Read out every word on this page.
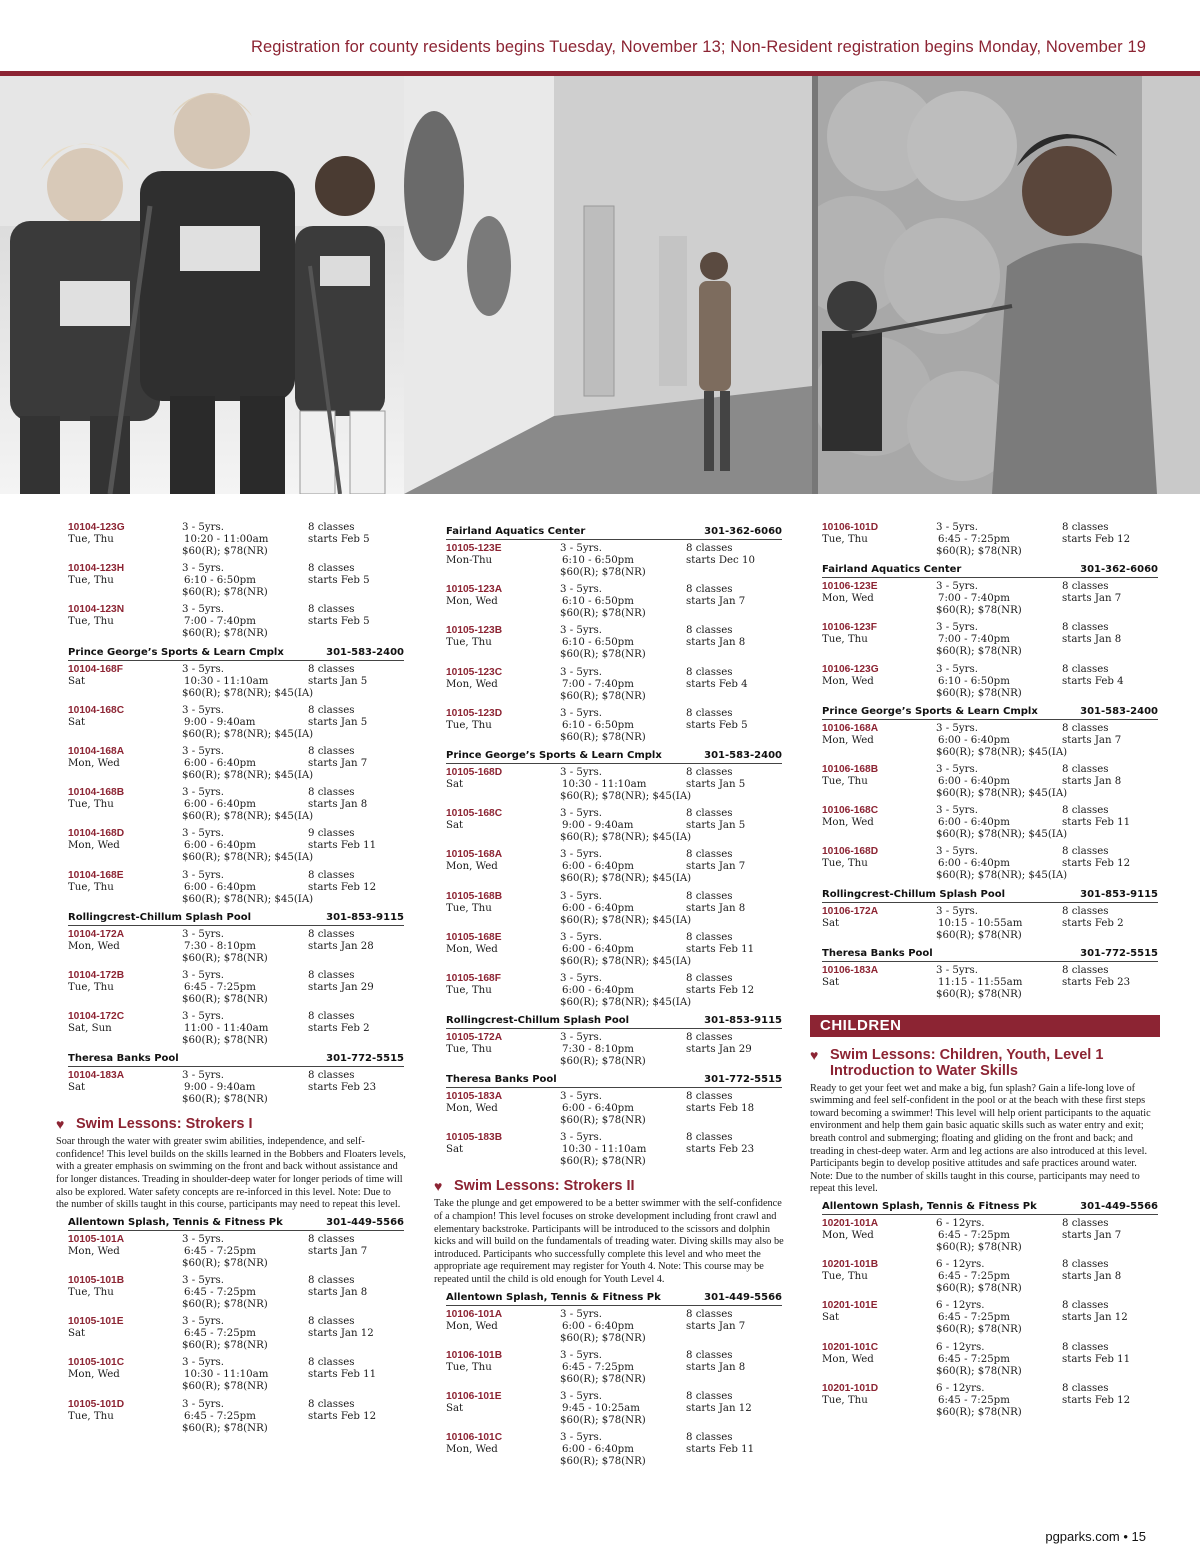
Registration for county residents begins Tuesday, November 13; Non-Resident registration begins Monday, November 19
10104-123G	3 - 5yrs.	8 classes
Tue, Thu	10:20 - 11:00am	starts Feb 5
$60(R); $78(NR)
10104-123H	3 - 5yrs.	8 classes
Tue, Thu	6:10 - 6:50pm	starts Feb 5
$60(R); $78(NR)
10104-123N	3 - 5yrs.	8 classes
Tue, Thu	7:00 - 7:40pm	starts Feb 5
$60(R); $78(NR)
Prince George’s Sports & Learn Cmplx	301-583-2400
10104-168F	3 - 5yrs.	8 classes
Sat	10:30 - 11:10am	starts Jan 5
$60(R); $78(NR); $45(IA)
10104-168C	3 - 5yrs.	8 classes
Sat	9:00 - 9:40am	starts Jan 5
$60(R); $78(NR); $45(IA)
10104-168A	3 - 5yrs.	8 classes
Mon, Wed	6:00 - 6:40pm	starts Jan 7
$60(R); $78(NR); $45(IA)
10104-168B	3 - 5yrs.	8 classes
Tue, Thu	6:00 - 6:40pm	starts Jan 8
$60(R); $78(NR); $45(IA)
10104-168D	3 - 5yrs.	9 classes
Mon, Wed	6:00 - 6:40pm	starts Feb 11
$60(R); $78(NR); $45(IA)
10104-168E	3 - 5yrs.	8 classes
Tue, Thu	6:00 - 6:40pm	starts Feb 12
$60(R); $78(NR); $45(IA)
Rollingcrest-Chillum Splash Pool	301-853-9115
10104-172A	3 - 5yrs.	8 classes
Mon, Wed	7:30 - 8:10pm	starts Jan 28
$60(R); $78(NR)
10104-172B	3 - 5yrs.	8 classes
Tue, Thu	6:45 - 7:25pm	starts Jan 29
$60(R); $78(NR)
10104-172C	3 - 5yrs.	8 classes
Sat, Sun	11:00 - 11:40am	starts Feb 2
$60(R); $78(NR)
Theresa Banks Pool	301-772-5515
10104-183A	3 - 5yrs.	8 classes
Sat	9:00 - 9:40am	starts Feb 23
$60(R); $78(NR)
♥ Swim Lessons: Strokers I
Soar through the water with greater swim abilities, independence, and self-confidence! This level builds on the skills learned in the Bobbers and Floaters levels, with a greater emphasis on swimming on the front and back without assistance and for longer distances. Treading in shoulder-deep water for longer periods of time will also be explored. Water safety concepts are re-inforced in this level. Note: Due to the number of skills taught in this course, participants may need to repeat this level.
Allentown Splash, Tennis & Fitness Pk	301-449-5566
10105-101A	3 - 5yrs.	8 classes
Mon, Wed	6:45 - 7:25pm	starts Jan 7
$60(R); $78(NR)
10105-101B	3 - 5yrs.	8 classes
Tue, Thu	6:45 - 7:25pm	starts Jan 8
$60(R); $78(NR)
10105-101E	3 - 5yrs.	8 classes
Sat	6:45 - 7:25pm	starts Jan 12
$60(R); $78(NR)
10105-101C	3 - 5yrs.	8 classes
Mon, Wed	10:30 - 11:10am	starts Feb 11
$60(R); $78(NR)
10105-101D	3 - 5yrs.	8 classes
Tue, Thu	6:45 - 7:25pm	starts Feb 12
$60(R); $78(NR)
Fairland Aquatics Center	301-362-6060
10105-123E	3 - 5yrs.	8 classes
Mon-Thu	6:10 - 6:50pm	starts Dec 10
$60(R); $78(NR)
10105-123A	3 - 5yrs.	8 classes
Mon, Wed	6:10 - 6:50pm	starts Jan 7
$60(R); $78(NR)
10105-123B	3 - 5yrs.	8 classes
Tue, Thu	6:10 - 6:50pm	starts Jan 8
$60(R); $78(NR)
10105-123C	3 - 5yrs.	8 classes
Mon, Wed	7:00 - 7:40pm	starts Feb 4
$60(R); $78(NR)
10105-123D	3 - 5yrs.	8 classes
Tue, Thu	6:10 - 6:50pm	starts Feb 5
$60(R); $78(NR)
Prince George’s Sports & Learn Cmplx	301-583-2400
10105-168D	3 - 5yrs.	8 classes
Sat	10:30 - 11:10am	starts Jan 5
$60(R); $78(NR); $45(IA)
10105-168C	3 - 5yrs.	8 classes
Sat	9:00 - 9:40am	starts Jan 5
$60(R); $78(NR); $45(IA)
10105-168A	3 - 5yrs.	8 classes
Mon, Wed	6:00 - 6:40pm	starts Jan 7
$60(R); $78(NR); $45(IA)
10105-168B	3 - 5yrs.	8 classes
Tue, Thu	6:00 - 6:40pm	starts Jan 8
$60(R); $78(NR); $45(IA)
10105-168E	3 - 5yrs.	8 classes
Mon, Wed	6:00 - 6:40pm	starts Feb 11
$60(R); $78(NR); $45(IA)
10105-168F	3 - 5yrs.	8 classes
Tue, Thu	6:00 - 6:40pm	starts Feb 12
$60(R); $78(NR); $45(IA)
Rollingcrest-Chillum Splash Pool	301-853-9115
10105-172A	3 - 5yrs.	8 classes
Tue, Thu	7:30 - 8:10pm	starts Jan 29
$60(R); $78(NR)
Theresa Banks Pool	301-772-5515
10105-183A	3 - 5yrs.	8 classes
Mon, Wed	6:00 - 6:40pm	starts Feb 18
$60(R); $78(NR)
10105-183B	3 - 5yrs.	8 classes
Sat	10:30 - 11:10am	starts Feb 23
$60(R); $78(NR)
♥ Swim Lessons: Strokers II
Take the plunge and get empowered to be a better swimmer with the self-confidence of a champion! This level focuses on stroke development including front crawl and elementary backstroke. Participants will be introduced to the scissors and dolphin kicks and will build on the fundamentals of treading water. Diving skills may also be introduced. Participants who successfully complete this level and who meet the appropriate age requirement may register for Youth 4. Note: This course may be repeated until the child is old enough for Youth Level 4.
Allentown Splash, Tennis & Fitness Pk	301-449-5566
10106-101A	3 - 5yrs.	8 classes
Mon, Wed	6:00 - 6:40pm	starts Jan 7
$60(R); $78(NR)
10106-101B	3 - 5yrs.	8 classes
Tue, Thu	6:45 - 7:25pm	starts Jan 8
$60(R); $78(NR)
10106-101E	3 - 5yrs.	8 classes
Sat	9:45 - 10:25am	starts Jan 12
$60(R); $78(NR)
10106-101C	3 - 5yrs.	8 classes
Mon, Wed	6:00 - 6:40pm	starts Feb 11
$60(R); $78(NR)
10106-101D	3 - 5yrs.	8 classes
Tue, Thu	6:45 - 7:25pm	starts Feb 12
$60(R); $78(NR)
Fairland Aquatics Center	301-362-6060
10106-123E	3 - 5yrs.	8 classes
Mon, Wed	7:00 - 7:40pm	starts Jan 7
$60(R); $78(NR)
10106-123F	3 - 5yrs.	8 classes
Tue, Thu	7:00 - 7:40pm	starts Jan 8
$60(R); $78(NR)
10106-123G	3 - 5yrs.	8 classes
Mon, Wed	6:10 - 6:50pm	starts Feb 4
$60(R); $78(NR)
Prince George’s Sports & Learn Cmplx	301-583-2400
10106-168A	3 - 5yrs.	8 classes
Mon, Wed	6:00 - 6:40pm	starts Jan 7
$60(R); $78(NR); $45(IA)
10106-168B	3 - 5yrs.	8 classes
Tue, Thu	6:00 - 6:40pm	starts Jan 8
$60(R); $78(NR); $45(IA)
10106-168C	3 - 5yrs.	8 classes
Mon, Wed	6:00 - 6:40pm	starts Feb 11
$60(R); $78(NR); $45(IA)
10106-168D	3 - 5yrs.	8 classes
Tue, Thu	6:00 - 6:40pm	starts Feb 12
$60(R); $78(NR); $45(IA)
Rollingcrest-Chillum Splash Pool	301-853-9115
10106-172A	3 - 5yrs.	8 classes
Sat	10:15 - 10:55am	starts Feb 2
$60(R); $78(NR)
Theresa Banks Pool	301-772-5515
10106-183A	3 - 5yrs.	8 classes
Sat	11:15 - 11:55am	starts Feb 23
$60(R); $78(NR)
CHILDREN
♥ Swim Lessons: Children, Youth, Level 1 Introduction to Water Skills
Ready to get your feet wet and make a big, fun splash? Gain a life-long love of swimming and feel self-confident in the pool or at the beach with these first steps toward becoming a swimmer! This level will help orient participants to the aquatic environment and help them gain basic aquatic skills such as water entry and exit; breath control and submerging; floating and gliding on the front and back; and treading in chest-deep water. Arm and leg actions are also introduced at this level. Participants begin to develop positive attitudes and safe practices around water. Note: Due to the number of skills taught in this course, participants may need to repeat this level.
Allentown Splash, Tennis & Fitness Pk	301-449-5566
10201-101A	6 - 12yrs.	8 classes
Mon, Wed	6:45 - 7:25pm	starts Jan 7
$60(R); $78(NR)
10201-101B	6 - 12yrs.	8 classes
Tue, Thu	6:45 - 7:25pm	starts Jan 8
$60(R); $78(NR)
10201-101E	6 - 12yrs.	8 classes
Sat	6:45 - 7:25pm	starts Jan 12
$60(R); $78(NR)
10201-101C	6 - 12yrs.	8 classes
Mon, Wed	6:45 - 7:25pm	starts Feb 11
$60(R); $78(NR)
10201-101D	6 - 12yrs.	8 classes
Tue, Thu	6:45 - 7:25pm	starts Feb 12
$60(R); $78(NR)
pgparks.com • 15
